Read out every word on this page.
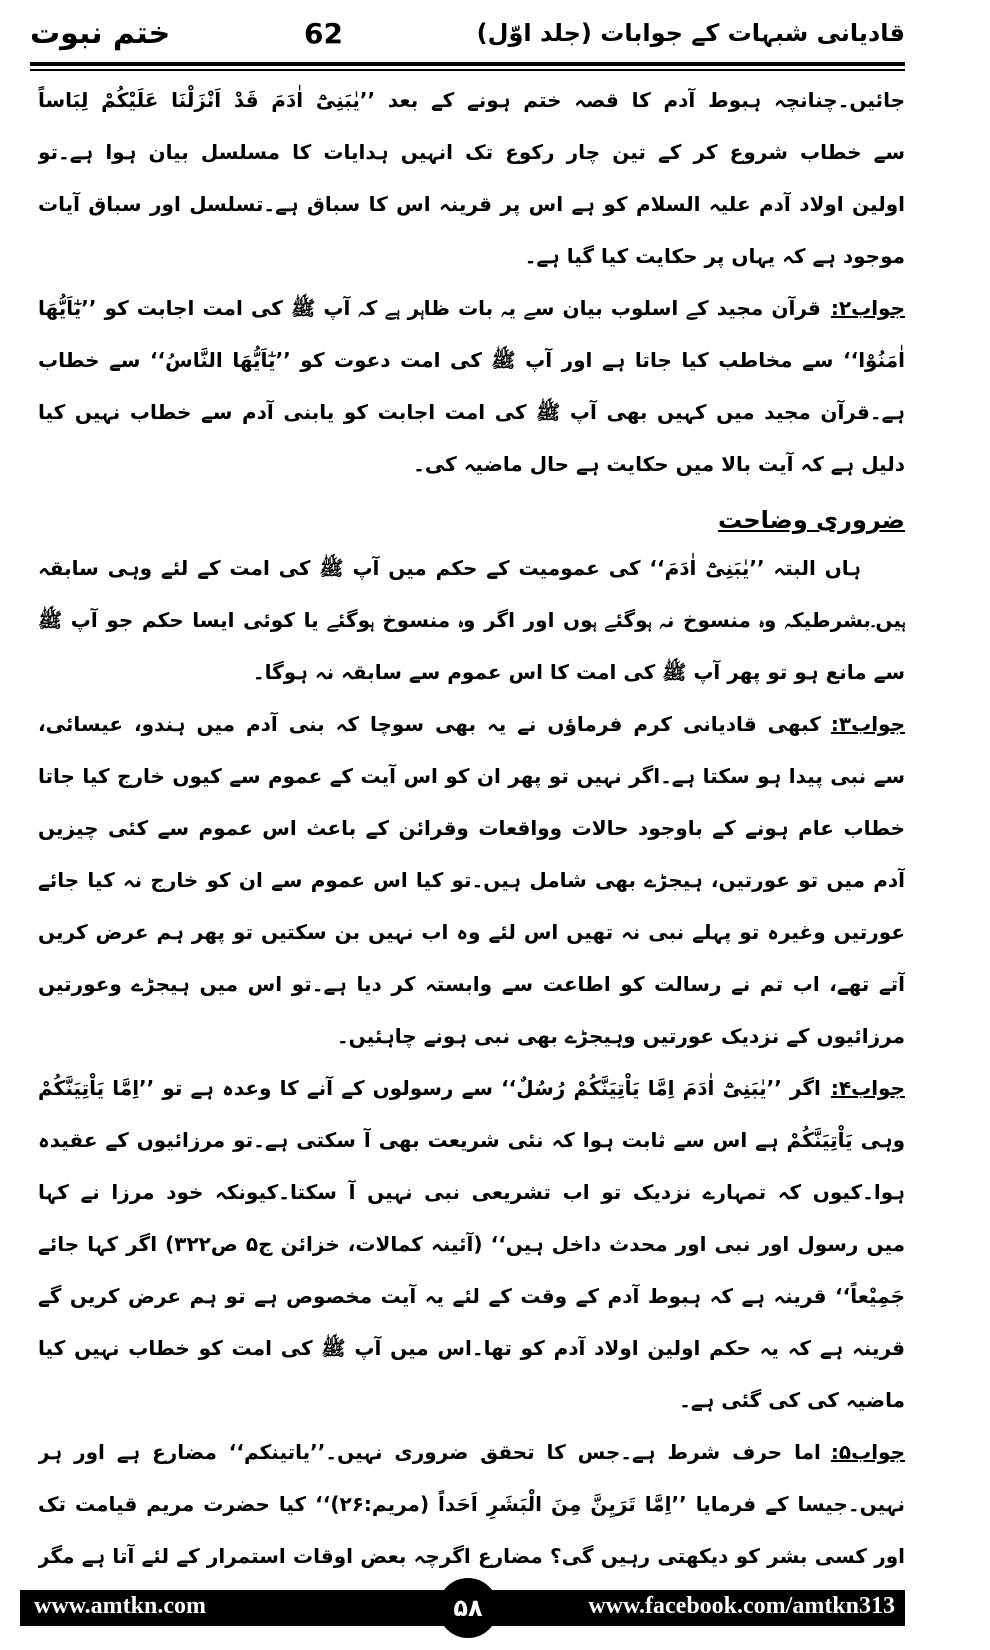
ختم نبوت	62	قادیانی شبہات کے جوابات (جلد اوّل)
جائیں۔چنانچہ ہبوط آدم کا قصہ ختم ہونے کے بعد ’’یٰبَنِیْٓ اٰدَمَ قَدْ اَنْزَلْنَا عَلَیْکُمْ لِبَاساً
سے خطاب شروع کر کے تین چار رکوع تک انہیں ہدایات کا مسلسل بیان ہوا ہے۔تو
اولین اولاد آدم علیہ السلام کو ہے اس پر قرینہ اس کا سباق ہے۔تسلسل اور سباق آیات
موجود ہے کہ یہاں پر حکایت کیا گیا ہے۔
جواب۲:قرآن مجید کے اسلوب بیان سے یہ بات ظاہر ہے کہ آپ ﷺ کی امت اجابت کو ’’یٰٓاَیُّھَا
اٰمَنُوْا‘‘ سے مخاطب کیا جاتا ہے اور آپ ﷺ کی امت دعوت کو ’’یٰٓاَیُّھَا النَّاسُ‘‘ سے خطاب
ہے۔قرآن مجید میں کہیں بھی آپ ﷺ کی امت اجابت کو یابنی آدم سے خطاب نہیں کیا
دلیل ہے کہ آیت بالا میں حکایت ہے حال ماضیہ کی۔
ضروری وضاحت
ہاں البتہ ’’یٰبَنِیْٓ اٰدَمَ‘‘ کی عمومیت کے حکم میں آپ ﷺ کی امت کے لئے وہی سابقہ
ہیں۔بشرطیکہ وہ منسوخ نہ ہوگئے ہوں اور اگر وہ منسوخ ہوگئے یا کوئی ایسا حکم جو آپ ﷺ
سے مانع ہو تو پھر آپ ﷺ کی امت کا اس عموم سے سابقہ نہ ہوگا۔
جواب۳:کبھی قادیانی کرم فرماؤں نے یہ بھی سوچا کہ بنی آدم میں ہندو، عیسائی،
سے نبی پیدا ہو سکتا ہے۔اگر نہیں تو پھر ان کو اس آیت کے عموم سے کیوں خارج کیا جاتا
خطاب عام ہونے کے باوجود حالات وواقعات وقرائن کے باعث اس عموم سے کئی چیزیں
آدم میں تو عورتیں، ہیجڑے بھی شامل ہیں۔تو کیا اس عموم سے ان کو خارج نہ کیا جائے
عورتیں وغیرہ تو پہلے نبی نہ تھیں اس لئے وہ اب نہیں بن سکتیں تو پھر ہم عرض کریں
آتے تھے، اب تم نے رسالت کو اطاعت سے وابستہ کر دیا ہے۔تو اس میں ہیجڑے وعورتیں
مرزائیوں کے نزدیک عورتیں وہیجڑے بھی نبی ہونے چاہئیں۔
جواب۴:اگر ’’یٰبَنِیْٓ اٰدَمَ اِمَّا یَاْتِیَنَّکُمْ رُسُلٌ‘‘ سے رسولوں کے آنے کا وعدہ ہے تو ’’اِمَّا یَاْتِیَنَّکُمْ
وہی یَاْتِیَنَّکُمْ ہے اس سے ثابت ہوا کہ نئی شریعت بھی آ سکتی ہے۔تو مرزائیوں کے عقیدہ
ہوا۔کیوں کہ تمہارے نزدیک تو اب تشریعی نبی نہیں آ سکتا۔کیونکہ خود مرزا نے کہا
میں رسول اور نبی اور محدث داخل ہیں‘‘ (آئینہ کمالات، خزائن ج۵ ص۳۲۲) اگر کہا جائے
جَمِیْعاً‘‘ قرینہ ہے کہ ہبوط آدم کے وقت کے لئے یہ آیت مخصوص ہے تو ہم عرض کریں گے
قرینہ ہے کہ یہ حکم اولین اولاد آدم کو تھا۔اس میں آپ ﷺ کی امت کو خطاب نہیں کیا
ماضیہ کی کی گئی ہے۔
جواب۵:اما حرف شرط ہے۔جس کا تحقق ضروری نہیں۔’’یاتینکم‘‘ مضارع ہے اور ہر
نہیں۔جیسا کے فرمایا ’’اِمَّا تَرَیِنَّ مِنَ الْبَشَرِ اَحَداً (مریم:۲۶)‘‘ کیا حضرت مریم قیامت تک
اور کسی بشر کو دیکھتی رہیں گی؟ مضارع اگرچہ بعض اوقات استمرار کے لئے آتا ہے مگر
www.amtkn.com	۵۸	www.facebook.com/amtkn313
